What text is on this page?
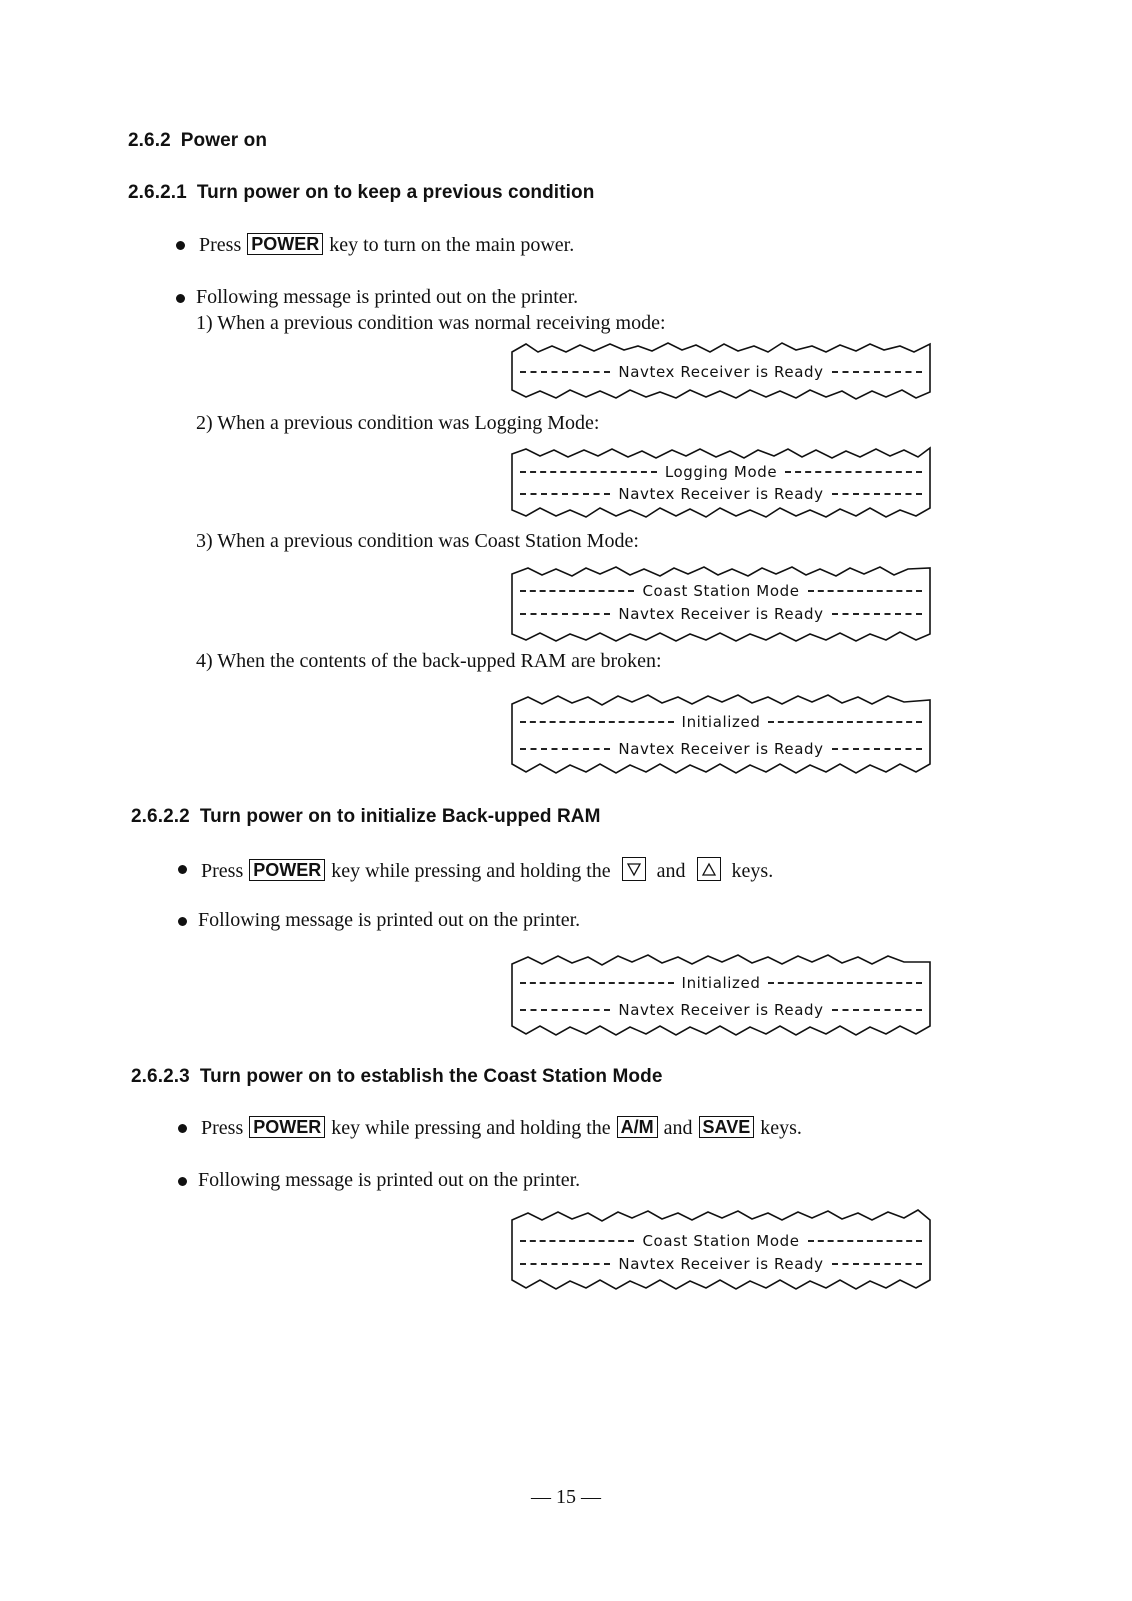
2.6.2 Power on
2.6.2.1 Turn power on to keep a previous condition
Press POWER key to turn on the main power.
Following message is printed out on the printer.
1) When a previous condition was normal receiving mode:
Navtex Receiver is Ready
2) When a previous condition was Logging Mode:
Logging Mode
Navtex Receiver is Ready
3) When a previous condition was Coast Station Mode:
Coast Station Mode
Navtex Receiver is Ready
4) When the contents of the back-upped RAM are broken:
Initialized
Navtex Receiver is Ready
2.6.2.2 Turn power on to initialize Back-upped RAM
Press POWER key while pressing and holding the and keys.
Following message is printed out on the printer.
Initialized
Navtex Receiver is Ready
2.6.2.3 Turn power on to establish the Coast Station Mode
Press POWER key while pressing and holding the A/M and SAVE keys.
Following message is printed out on the printer.
Coast Station Mode
Navtex Receiver is Ready
— 15 —
